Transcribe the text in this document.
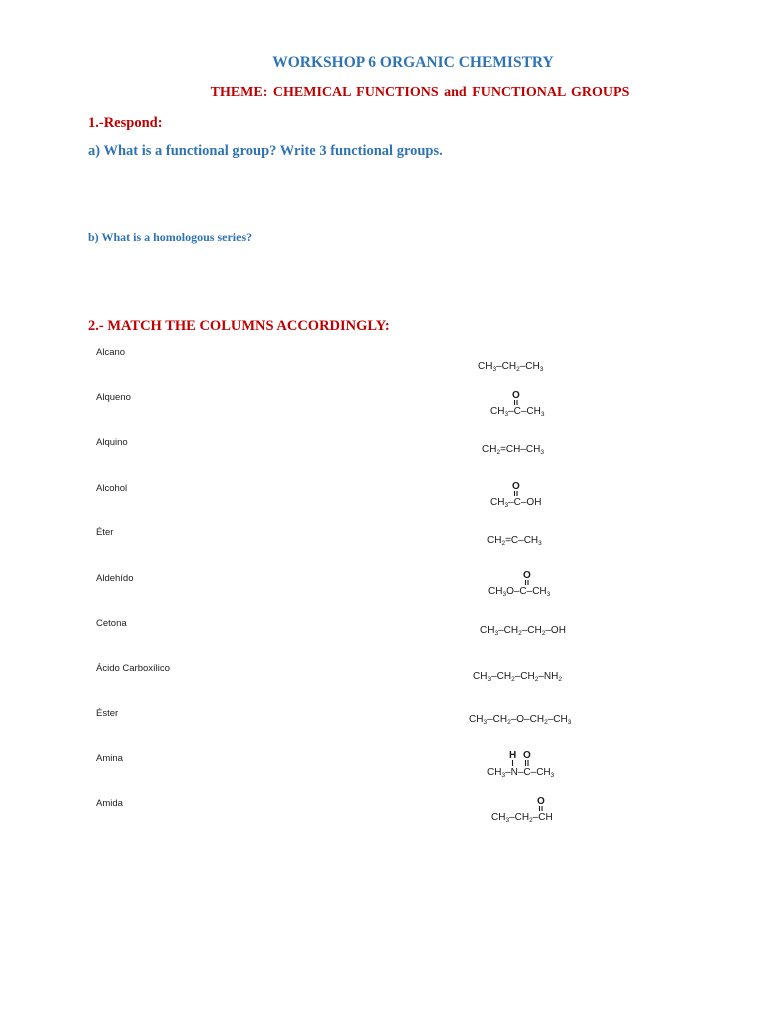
WORKSHOP 6 ORGANIC CHEMISTRY
THEME: CHEMICAL FUNCTIONS and FUNCTIONAL GROUPS
1.-Respond:
a) What is a functional group? Write 3 functional groups.
b) What is a homologous series?
2.- MATCH THE COLUMNS ACCORDINGLY:
Alcano
Alqueno
Alquino
Alcohol
Éter
Aldehído
Cetona
Ácido Carboxílico
Éster
Amina
Amida
$CH_3-CH_2-CH_3$
O
$CH_3-C-CH_3$
$CH_2=CH-CH_3$
O
$CH_3-C-OH$
$CH_2=C-CH_3$
O
$CH_3O-C-CH_3$
$CH_3-CH_2-CH_2-OH$
$CH_3-CH_2-CH_2-NH_2$
$CH_3-CH_2-O-CH_2-CH_3$
H O
$CH_3-N-C-CH_3$
O
$CH_3-CH_2-CH$
